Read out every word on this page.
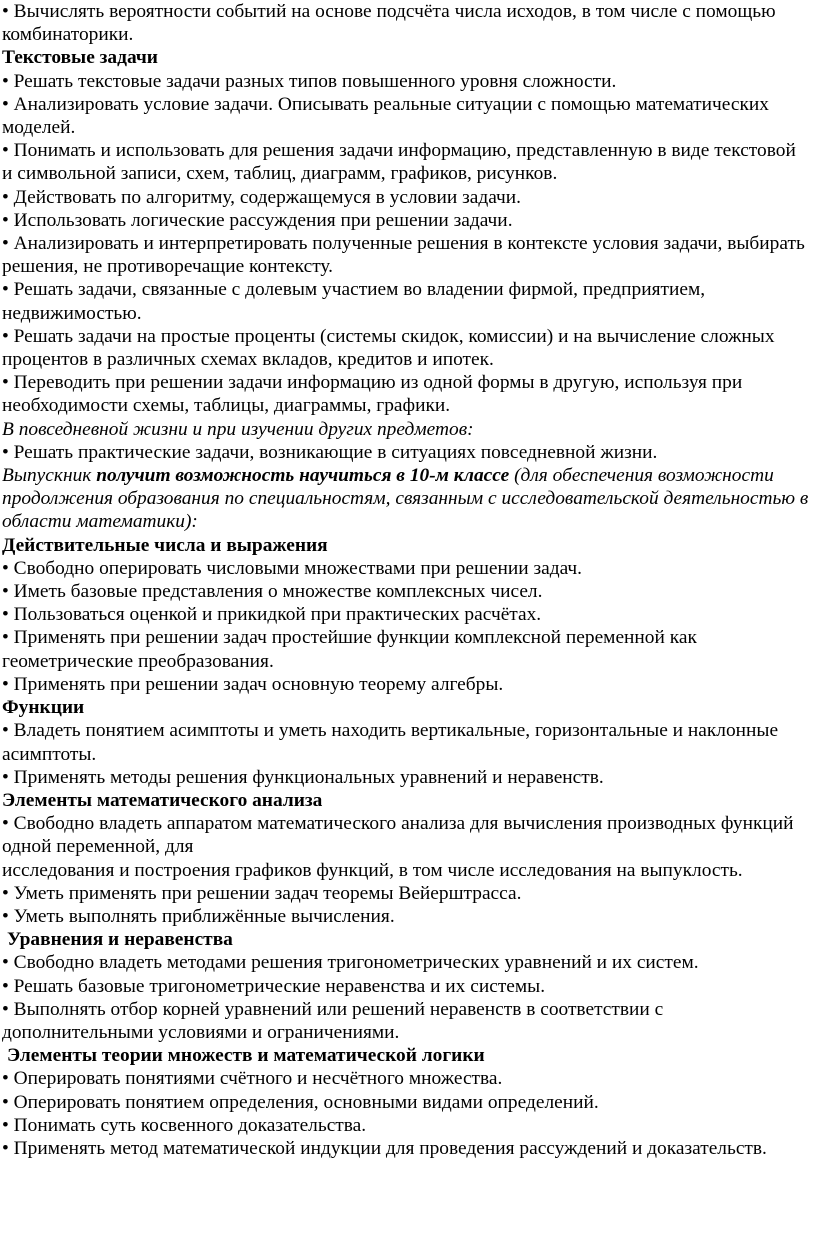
• Вычислять вероятности событий на основе подсчёта числа исходов, в том числе с помощью комбинаторики.

Текстовые задачи

• Решать текстовые задачи разных типов повышенного уровня сложности.

• Анализировать условие задачи. Описывать реальные ситуации с помощью математических моделей.

• Понимать и использовать для решения задачи информацию, представленную в виде текстовой и символьной записи, схем, таблиц, диаграмм, графиков, рисунков.

• Действовать по алгоритму, содержащемуся в условии задачи.

• Использовать логические рассуждения при решении задачи.

• Анализировать и интерпретировать полученные решения в контексте условия задачи, выбирать решения, не противоречащие контексту.

• Решать задачи, связанные с долевым участием во владении фирмой, предприятием, недвижимостью.

• Решать задачи на простые проценты (системы скидок, комиссии) и на вычисление сложных процентов в различных схемах вкладов, кредитов и ипотек.

• Переводить при решении задачи информацию из одной формы в другую, используя при необходимости схемы, таблицы, диаграммы, графики.

В повседневной жизни и при изучении других предметов:

• Решать практические задачи, возникающие в ситуациях повседневной жизни.

Выпускник получит возможность научиться в 10-м классе (для обеспечения возможности продолжения образования по специальностям, связанным с исследовательской деятельностью в области математики):

Действительные числа и выражения

• Свободно оперировать числовыми множествами при решении задач.

• Иметь базовые представления о множестве комплексных чисел.

• Пользоваться оценкой и прикидкой при практических расчётах.

• Применять при решении задач простейшие функции комплексной переменной как геометрические преобразования.

• Применять при решении задач основную теорему алгебры.

Функции

• Владеть понятием асимптоты и уметь находить вертикальные, горизонтальные и наклонные асимптоты.

• Применять методы решения функциональных уравнений и неравенств.

Элементы математического анализа

• Свободно владеть аппаратом математического анализа для вычисления производных функций одной переменной, для

исследования и построения графиков функций, в том числе исследования на выпуклость.

• Уметь применять при решении задач теоремы Вейерштрасса.

• Уметь выполнять приближённые вычисления.

Уравнения и неравенства

• Свободно владеть методами решения тригонометрических уравнений и их систем.

• Решать базовые тригонометрические неравенства и их системы.

• Выполнять отбор корней уравнений или решений неравенств в соответствии с дополнительными условиями и ограничениями.

Элементы теории множеств и математической логики

• Оперировать понятиями счётного и несчётного множества.

• Оперировать понятием определения, основными видами определений.

• Понимать суть косвенного доказательства.

• Применять метод математической индукции для проведения рассуждений и доказательств.
